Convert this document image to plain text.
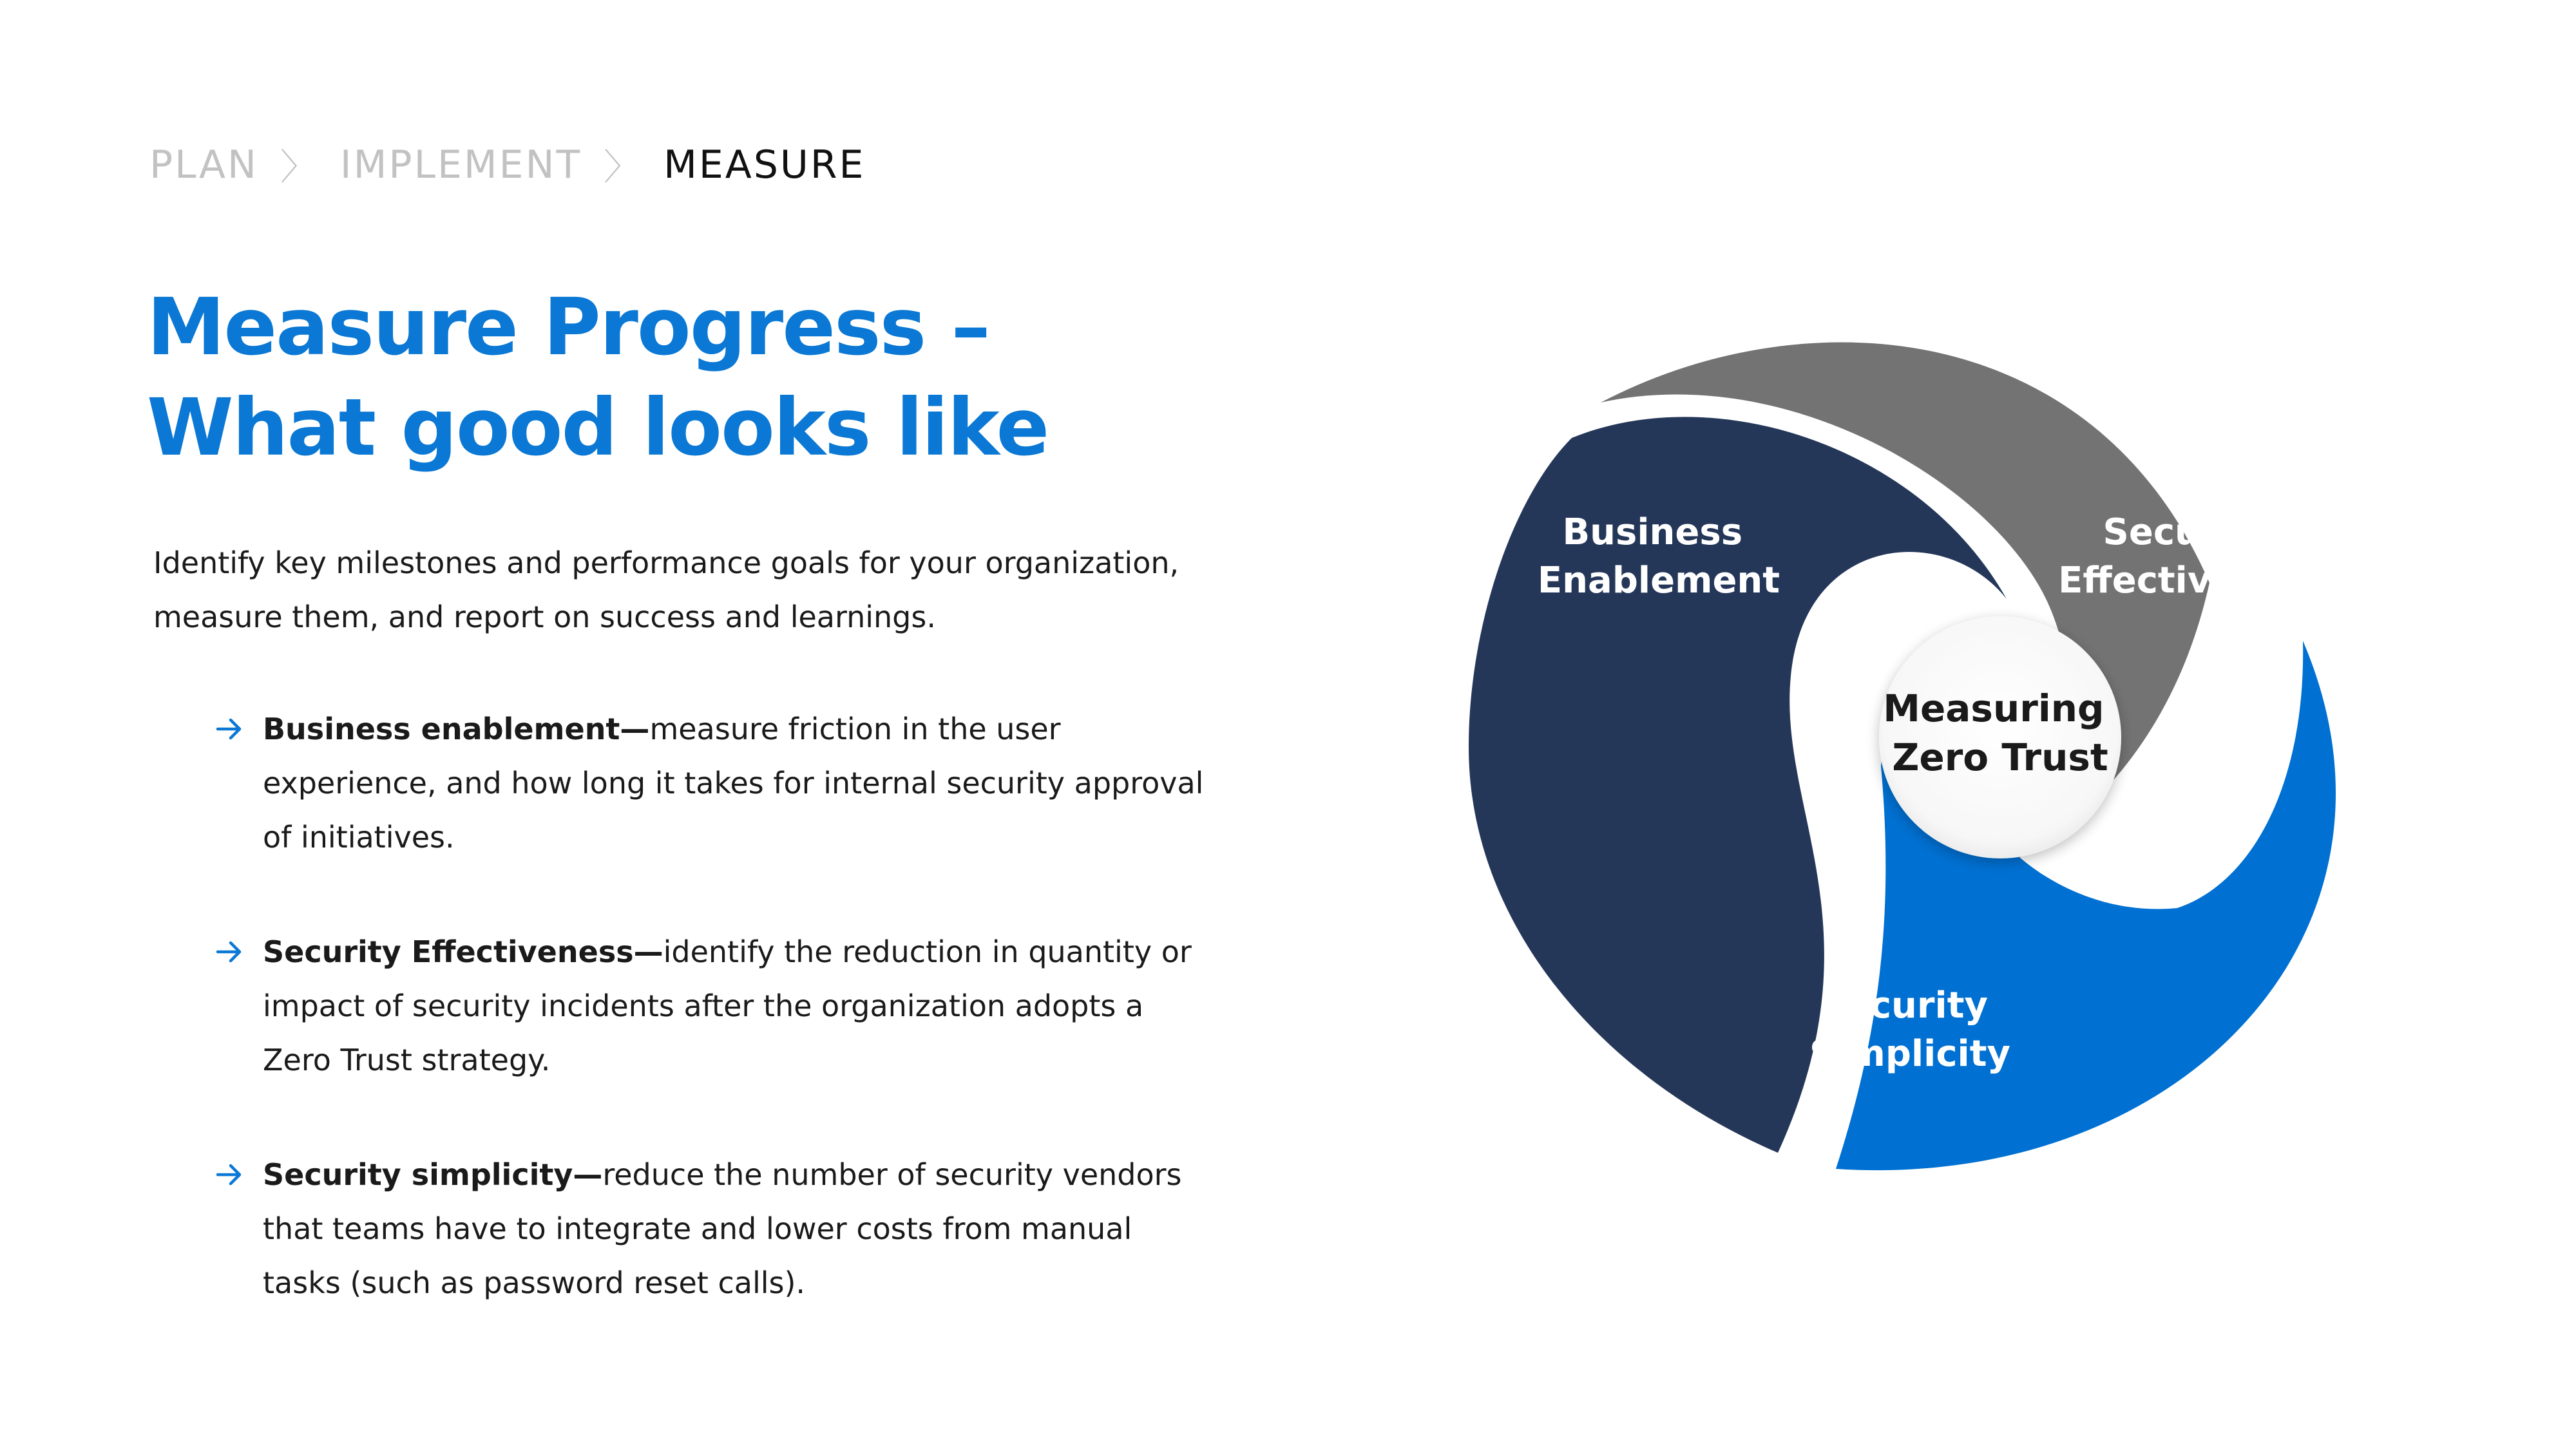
PLAN 〉 IMPLEMENT 〉 MEASURE
Measure Progress –
What good looks like

Identify key milestones and performance goals for your organization, measure them, and report on success and learnings.

Business enablement—measure friction in the user experience, and how long it takes for internal security approval of initiatives.
Security Effectiveness—identify the reduction in quantity or impact of security incidents after the organization adopts a Zero Trust strategy.
Security simplicity—reduce the number of security vendors that teams have to integrate and lower costs from manual tasks (such as password reset calls).
Measuring Zero Trust
Business Enablement
Security Effectiveness
Security Simplicity
